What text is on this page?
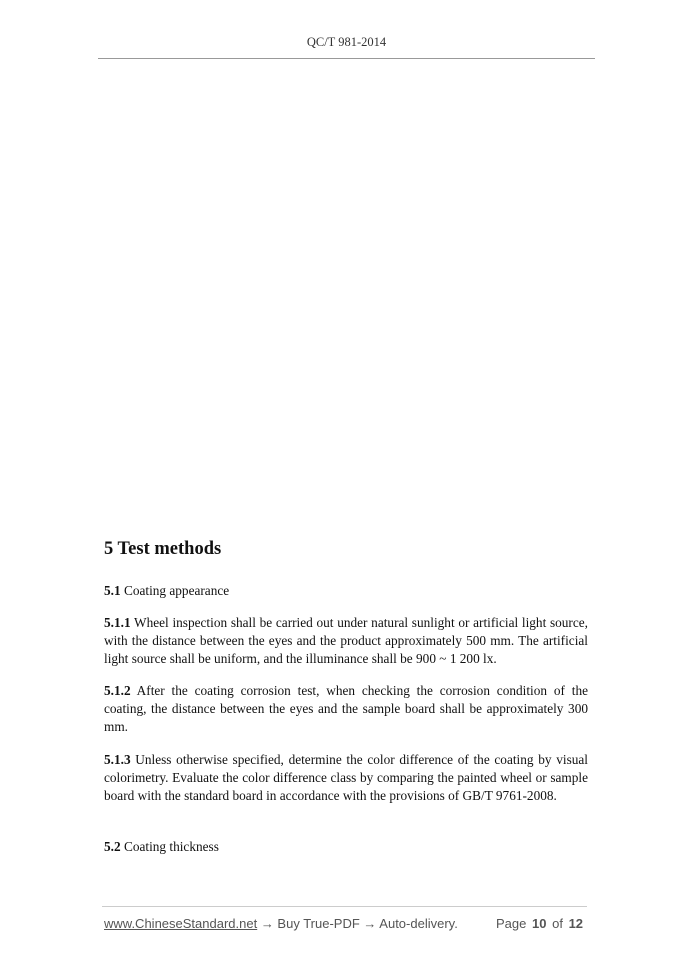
QC/T 981-2014
5 Test methods
5.1 Coating appearance
5.1.1 Wheel inspection shall be carried out under natural sunlight or artificial light source, with the distance between the eyes and the product approximately 500 mm. The artificial light source shall be uniform, and the illuminance shall be 900 ~ 1 200 lx.
5.1.2 After the coating corrosion test, when checking the corrosion condition of the coating, the distance between the eyes and the sample board shall be approximately 300 mm.
5.1.3 Unless otherwise specified, determine the color difference of the coating by visual colorimetry. Evaluate the color difference class by comparing the painted wheel or sample board with the standard board in accordance with the provisions of GB/T 9761-2008.
5.2 Coating thickness
www.ChineseStandard.net → Buy True-PDF → Auto-delivery.	Page 10 of 12
